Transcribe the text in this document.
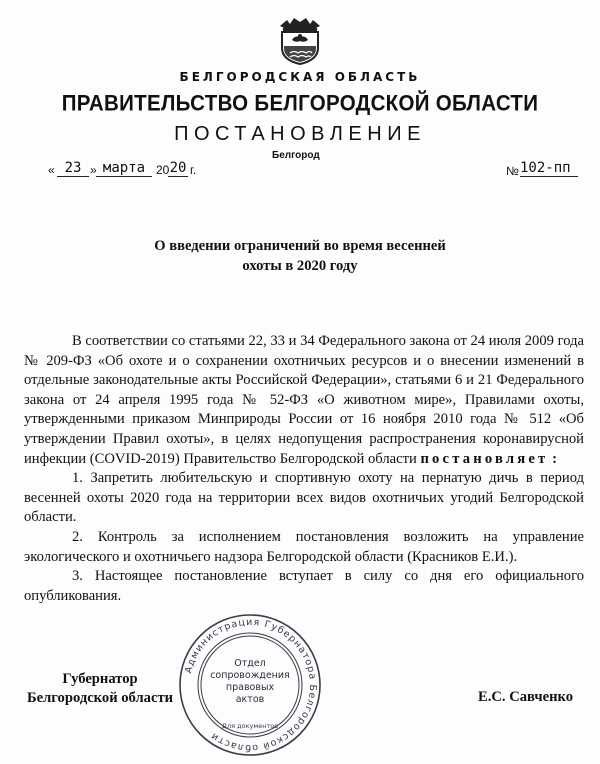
БЕЛГОРОДСКАЯ ОБЛАСТЬ
ПРАВИТЕЛЬСТВО БЕЛГОРОДСКОЙ ОБЛАСТИ
ПОСТАНОВЛЕНИЕ
Белгород
« 23 » марта 20 20 г.	№ 102-пп
О введении ограничений во время весенней
охоты в 2020 году

В соответствии со статьями 22, 33 и 34 Федерального закона от 24 июля 2009 года № 209-ФЗ «Об охоте и о сохранении охотничьих ресурсов и о внесении изменений в отдельные законодательные акты Российской Федерации», статьями 6 и 21 Федерального закона от 24 апреля 1995 года № 52-ФЗ «О животном мире», Правилами охоты, утвержденными приказом Минприроды России от 16 ноября 2010 года № 512 «Об утверждении Правил охоты», в целях недопущения распространения коронавирусной инфекции (COVID-2019) Правительство Белгородской области постановляет :

1. Запретить любительскую и спортивную охоту на пернатую дичь в период весенней охоты 2020 года на территории всех видов охотничьих угодий Белгородской области.

2. Контроль за исполнением постановления возложить на управление экологического и охотничьего надзора Белгородской области (Красников Е.И.).

3. Настоящее постановление вступает в силу со дня его официального опубликования.

Губернатор
Белгородской области	Е.С. Савченко
Администрация Губернатора Белгородской области
Для документов
Отдел
сопровождения
правовых
актов
